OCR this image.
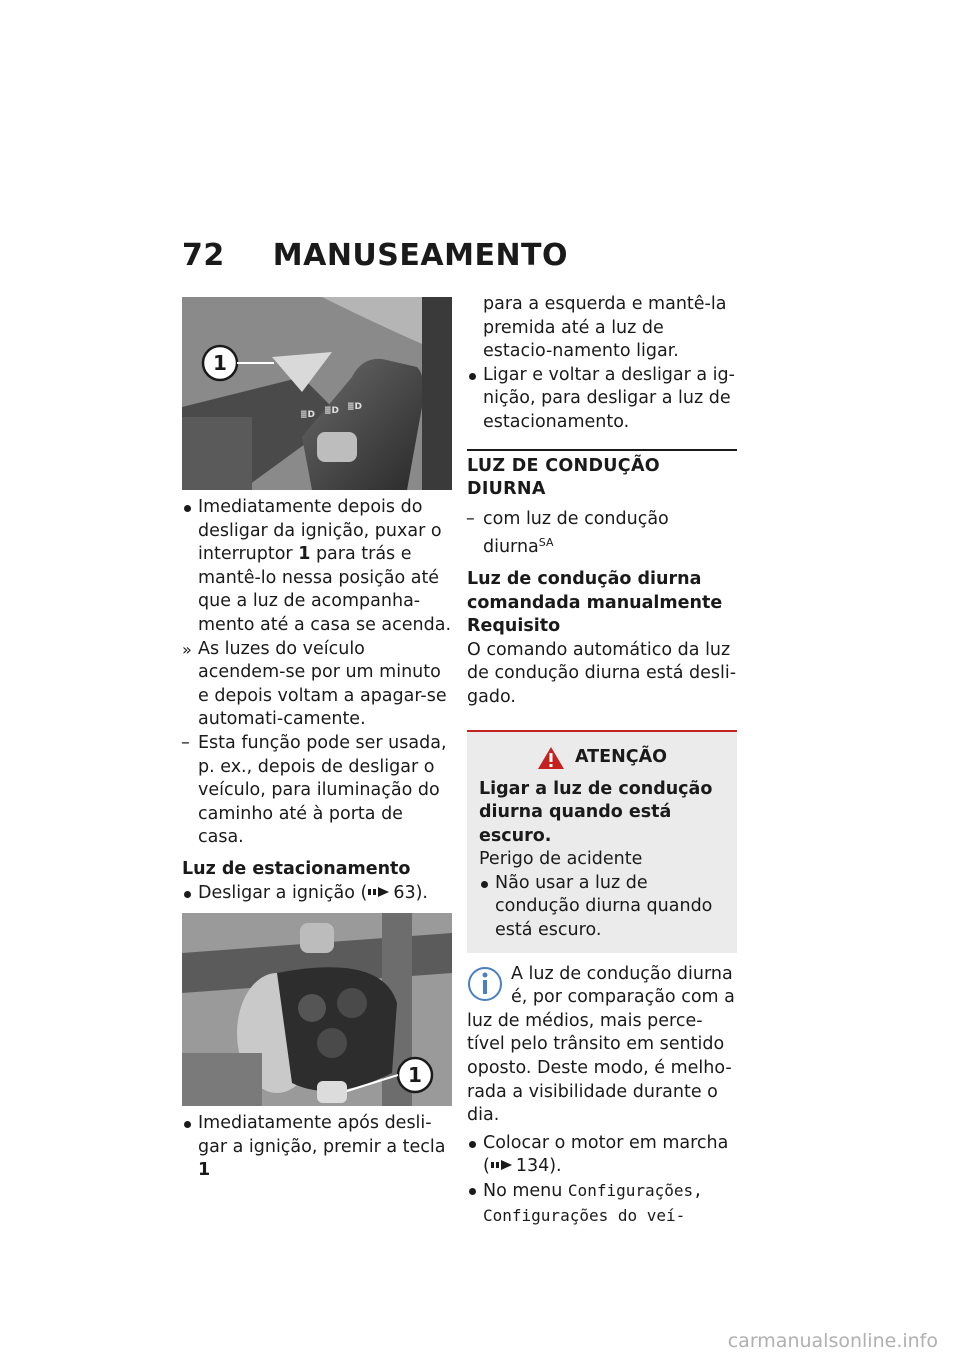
72 MANUSEAMENTO
≣D ≣D ≣D
1

Imediatamente depois do desligar da ignição, puxar o interruptor 1 para trás e mantê-lo nessa posição até que a luz de acompanha-mento até a casa se acenda.

As luzes do veículo acendem-se por um minuto e depois voltam a apagar-se automati-camente.

Esta função pode ser usada, p. ex., depois de desligar o veículo, para iluminação do caminho até à porta de casa.

Luz de estacionamento

Desligar a ignição ( 63).

1

Imediatamente após desli-gar a ignição, premir a tecla 1

para a esquerda e mantê-la premida até a luz de estacio-namento ligar.

Ligar e voltar a desligar a ig-nição, para desligar a luz de estacionamento.

LUZ DE CONDUÇÃO DIURNA

com luz de condução diurna$^{SA}$

Luz de condução diurna comandada manualmente
Requisito
O comando automático da luz de condução diurna está desli-gado.
ATENÇÃO
Ligar a luz de condução diurna quando está escuro.
Perigo de acidente

Não usar a luz de condução diurna quando está escuro.

A luz de condução diurna é, por comparação com a luz de médios, mais perce-tível pelo trânsito em sentido oposto. Deste modo, é melho-rada a visibilidade durante o dia.

Colocar o motor em marcha ( 134).

No menu Configurações, Configurações do veí-

carmanualsonline.info
